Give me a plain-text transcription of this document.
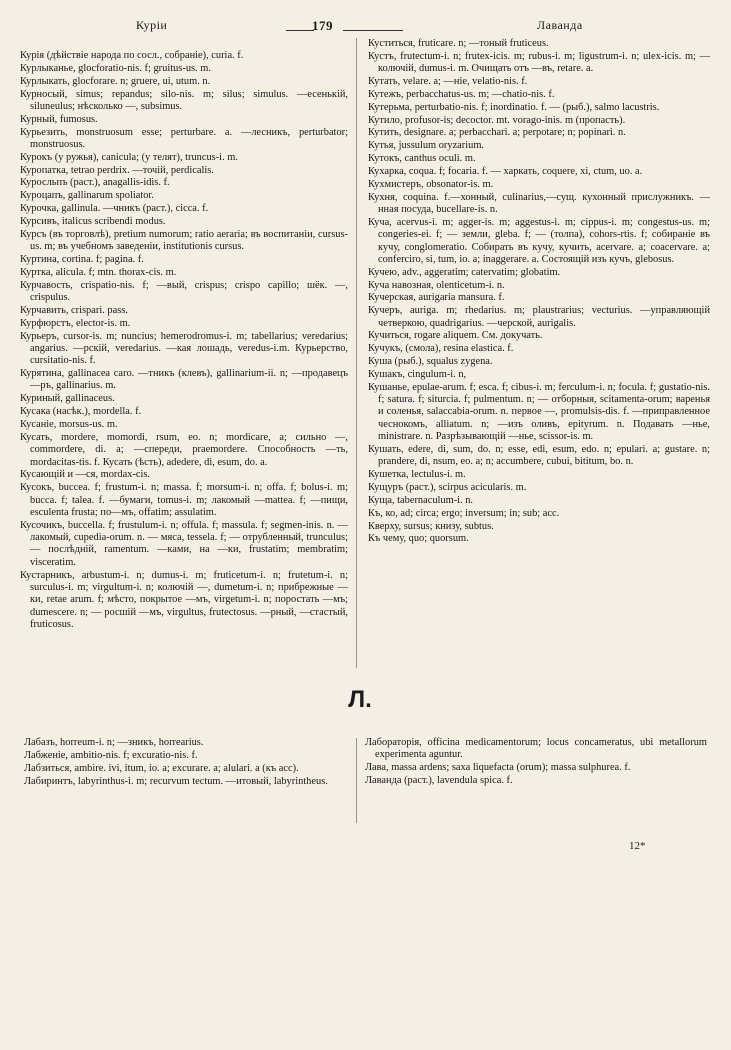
Куріи	179	Лаванда

Курія (дѣйствіе народа по сосл., собраніе), curia. f.

Курлыканье, glocforatio-nis. f; gruitus-us. m.

Курлыкать, glocforare. n; gruere, ui, utum. n.

Курносый, simus; repandus; silo-nis. m; silus; simulus. —есенькій, siluneulus; нѣсколько —, subsimus.

Курный, fumosus.

Курьезить, monstruosum esse; perturbare. a. —лесникъ, perturbator; monstruosus.

Курокъ (у ружья), canicula; (у телят), truncus-i. m.

Куропатка, tetrao perdrix. —точій, perdicalis.

Куросльпъ (раст.), anagallis-idis. f.

Куроцапъ, gallinarum spoliator.

Курочка, gallinula. —чникъ (раст.), cicca. f.

Курсивъ, italicus scribendi modus.

Курсъ (въ торговлѣ), pretium numorum; ratio aeraria; въ воспитаніи, cursus-us. m; въ учебномъ заведеніи, institutionis cursus.

Куртина, cortina. f; pagina. f.

Куртка, alicula. f; mtn. thorax-cis. m.

Курчавость, crispatio-nis. f; —вый, crispus; crispo capillo; шёк. —, crispulus.

Курчавить, crispari. pass.

Курфюрстъ, elector-is. m.

Курьеръ, cursor-is. m; nuncius; hemerodromus-i. m; tabellarius; veredarius; angarius. —рскій, veredarius. —кая лошадь, veredus-i.m. Курьерство, cursitatio-nis. f.

Курятина, gallinacea caro. —тникъ (клевъ), gallinarium-ii. n; —продавецъ—ръ, gallinarius. m.

Куриный, gallinaceus.

Кусака (насѣк.), mordella. f.

Кусаніе, morsus-us. m.

Кусать, mordere, momordi, rsum, eo. n; mordicare, a; сильно —, commordere, di. a; —спереди, praemordere. Способность —ть, mordacitas-tis. f. Кусать (ѣсть), adedere, di, esum, do. a.

Кусающій и —ся, mordax-cis.

Кусокъ, buccea. f; frustum-i. n; massa. f; morsum-i. n; offa. f; bolus-i. m; bucca. f; talea. f. —бумаги, tomus-i. m; лакомый —mattea. f; —пищи, esculenta frusta; по—мъ, offatim; assulatim.

Кусочикъ, buccella. f; frustulum-i. n; offula. f; massula. f; segmen-inis. n. —лакомый, cupedia-orum. n. — мяса, tessela. f; — отрубленный, trunculus; — послѣдній, ramentum. —ками, на —ки, frustatim; membratim; visceratim.

Кустарникъ, arbustum-i. n; dumus-i. m; fruticetum-i. n; frutetum-i. n; surculus-i. m; virgultum-i. n; колючій —, dumetum-i. n; прибрежные —ки, retae arum. f; мѣсто, покрытое —мъ, virgetum-i. n; поростать —мъ; dumescere. n; — росшій —мъ, virgultus, frutectosus. —рный, —стастый, fruticosus.

Куститься, fruticare. n; —тоный fruticeus.

Кустъ, frutectum-i. n; frutex-icis. m; rubus-i. m; ligustrum-i. n; ulex-icis. m; — колючій, dumus-i. m. Очищать отъ —въ, retare. a.

Кутать, velare. a; —ніе, velatio-nis. f.

Кутежъ, perbacchatus-us. m; —chatio-nis. f.

Кутерьма, perturbatio-nis. f; inordinatio. f. — (рыб.), salmo lacustris.

Кутило, profusor-is; decoctor. mt. vorago-inis. m (пропасть).

Кутить, designare. a; perbacchari. a; perpotare; n; popinari. n.

Кутья, jussulum oryzarium.

Кутокъ, canthus oculi. m.

Кухарка, coqua. f; focaria. f. — харкать, coquere, xi, ctum, uo. a.

Кухмистеръ, obsonator-is. m.

Кухня, coquina. f.—хонный, culinarius,—сущ. кухонный прислужникъ. —нная посуда, bucellare-is. n.

Куча, acervus-i. m; agger-is. m; aggestus-i. m; cippus-i. m; congestus-us. m; congeries-ei. f; — земли, gleba. f; — (толпа), cohors-rtis. f; собираніе въ кучу, conglomeratio. Собирать въ кучу, кучить, acervare. a; coacervare. a; conferciro, si, tum, io. a; inaggerare. a. Состоящій изъ кучъ, glebosus.

Кучею, adv., aggeratim; catervatim; globatim.

Куча навозная, olenticetum-i. n.

Кучерская, aurigaria mansura. f.

Кучеръ, auriga. m; rhedarius. m; plaustrarius; vecturius. —управляющій четверкою, quadrigarius. —черской, aurigalis.

Кучиться, rogare aliquem. См. докучать.

Кучукъ, (смола), resina elastica. f.

Куша (рыб.), squalus zygena.

Кушакъ, cingulum-i. n,

Кушанье, epulae-arum. f; esca. f; cibus-i. m; ferculum-i. n; focula. f; gustatio-nis. f; satura. f; siturcia. f; pulmentum. n; — отборныя, scitamenta-orum; варенья и соленья, salaccabia-orum. n. первое —, promulsis-dis. f. —приправленное чеснокомъ, alliatum. n; —изъ оливъ, epityrum. n. Подавать —нье, ministrare. n. Разрѣзывающій —нье, scissor-is. m.

Кушать, edere, di, sum, do. n; esse, edi, esum, edo. n; epulari. a; gustare. n; prandere, di, nsum, eo. a; n; accumbere, cubui, bititum, bo. n.

Кушетка, lectulus-i. m.

Кущуръ (раст.), scirpus acicularis. m.

Куща, tabernaculum-i. n.

Къ, ко, ad; circa; ergo; inversum; in; sub; acc.

Кверху, sursus; книзу, subtus.

Къ чему, quo; quorsum.

Л.

Лабазъ, horreum-i. n; —зникъ, horrearius.

Лабженіе, ambitio-nis. f; excuratio-nis. f.

Лабзиться, ambire. ivi, itum, io. a; excurare. a; alulari. a (къ acc).

Лабиринтъ, labyrinthus-i. m; recurvum tectum. —итовый, labyrintheus.

Лабораторія, officina medicamentorum; locus concameratus, ubi metallorum experimenta aguntur.

Лава, massa ardens; saxa liquefacta (orum); massa sulphurea. f.

Лаванда (раст.), lavendula spica. f.

12*
